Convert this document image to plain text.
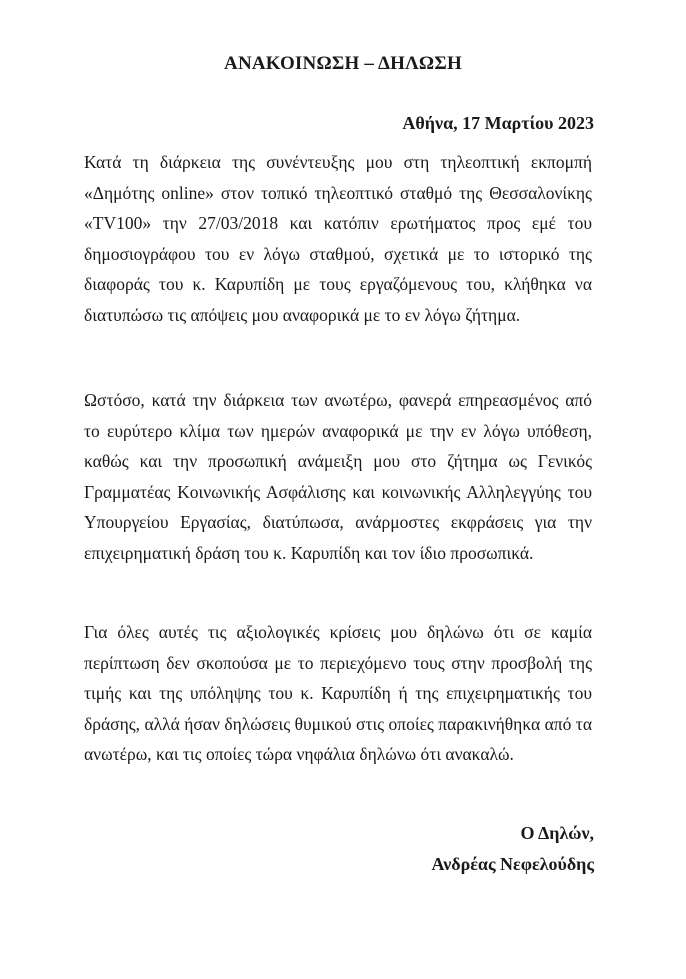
ΑΝΑΚΟΙΝΩΣΗ – ΔΗΛΩΣΗ
Αθήνα, 17 Μαρτίου 2023
Κατά τη διάρκεια της συνέντευξης μου στη τηλεοπτική εκπομπή «Δημότης online» στον τοπικό τηλεοπτικό σταθμό της Θεσσαλονίκης «TV100» την 27/03/2018 και κατόπιν ερωτήματος προς εμέ του δημοσιογράφου του εν λόγω σταθμού, σχετικά με το ιστορικό της διαφοράς του κ. Καρυπίδη με τους εργαζόμενους του, κλήθηκα να διατυπώσω τις απόψεις μου αναφορικά με το εν λόγω ζήτημα.
Ωστόσο, κατά την διάρκεια των ανωτέρω, φανερά επηρεασμένος από το ευρύτερο κλίμα των ημερών αναφορικά με την εν λόγω υπόθεση, καθώς και την προσωπική ανάμειξη μου στο ζήτημα ως Γενικός Γραμματέας Κοινωνικής Ασφάλισης και κοινωνικής Αλληλεγγύης του Υπουργείου Εργασίας, διατύπωσα, ανάρμοστες εκφράσεις για την επιχειρηματική δράση του κ. Καρυπίδη και τον ίδιο προσωπικά.
Για όλες αυτές τις αξιολογικές κρίσεις μου δηλώνω ότι σε καμία περίπτωση δεν σκοπούσα με το περιεχόμενο τους στην προσβολή της τιμής και της υπόληψης του κ. Καρυπίδη ή της επιχειρηματικής του δράσης, αλλά ήσαν δηλώσεις θυμικού στις οποίες παρακινήθηκα από τα ανωτέρω, και τις οποίες τώρα νηφάλια δηλώνω ότι ανακαλώ.
Ο Δηλών,
Ανδρέας Νεφελούδης
